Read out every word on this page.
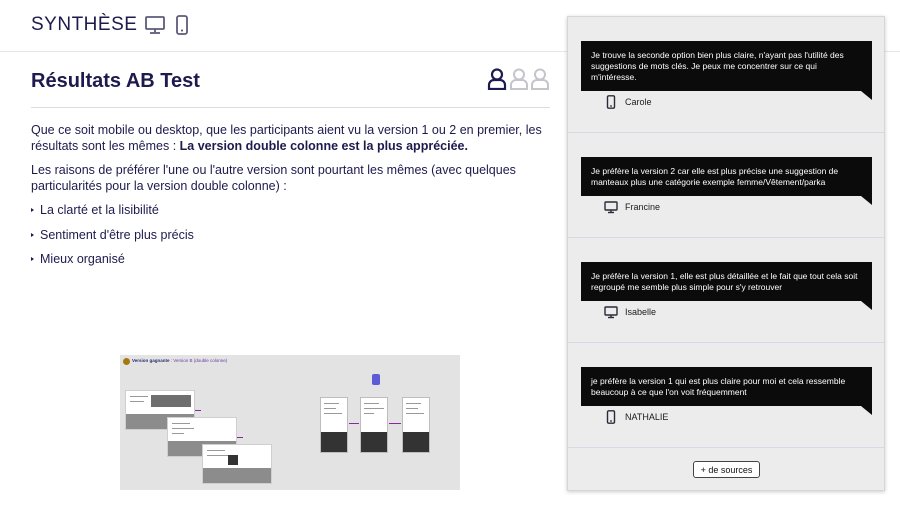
SYNTHÈSE
Résultats AB Test

Que ce soit mobile ou desktop, que les participants aient vu la version 1 ou 2 en premier, les résultats sont les mêmes : La version double colonne est la plus appréciée.

Les raisons de préférer l'une ou l'autre version sont pourtant les mêmes (avec quelques particularités pour la version double colonne) :

La clarté et la lisibilité
Sentiment d'être plus précis
Mieux organisé
Version gagnante : Version B (double colonne)
Je trouve la seconde option bien plus claire, n'ayant pas l'utilité des suggestions de mots clés. Je peux me concentrer sur ce qui m'intéresse.
Carole
Je préfère la version 2 car elle est plus précise une suggestion de manteaux plus une catégorie exemple femme/Vêtement/parka
Francine
Je préfère la version 1, elle est plus détaillée et le fait que tout cela soit regroupé me semble plus simple pour s'y retrouver
Isabelle
je préfère la version 1 qui est plus claire pour moi et cela ressemble beaucoup à ce que l'on voit fréquemment
NATHALIE
+ de sources
